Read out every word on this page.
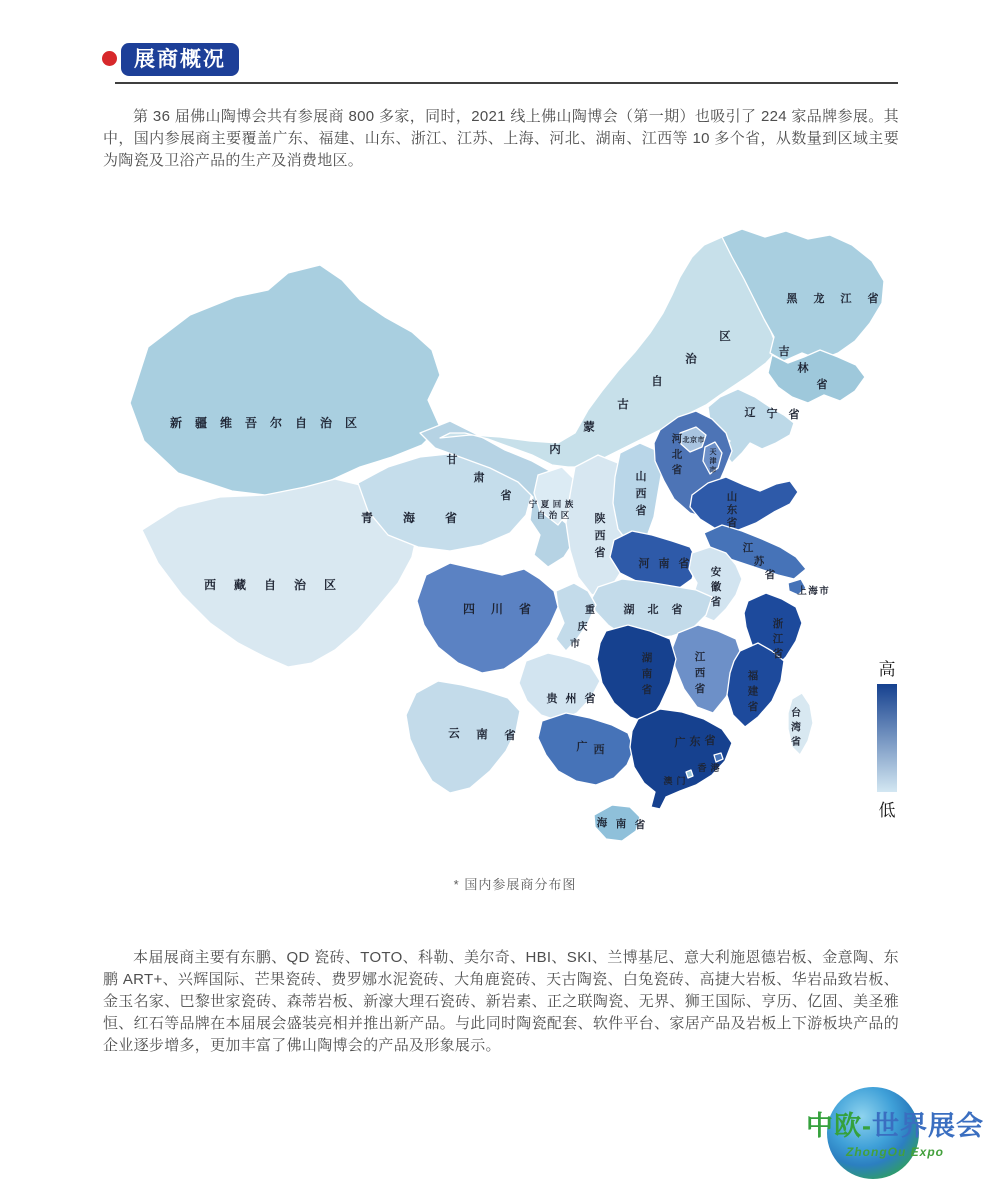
展商概况
第 36 届佛山陶博会共有参展商 800 多家，同时，2021 线上佛山陶博会（第一期）也吸引了 224 家品牌参展。其中，国内参展商主要覆盖广东、福建、山东、浙江、江苏、上海、河北、湖南、江西等 10 多个省，从数量到区域主要为陶瓷及卫浴产品的生产及消费地区。
新 疆 维 吾 尔 自 治 区
西 藏 自 治 区
青 海 省
甘
肃
省
内
蒙
古
自
治
区
黑 龙 江 省
吉
林
省
辽 宁 省
宁 夏 回 族
陕
西
省
山
西
省
河
北
省
北 京 市
天
津
市
山
东
省
河 南 省
江
苏
省
安
徽
省
上 海 市
湖 北 省
重
庆
市
四 川 省
贵 州 省
云 南 省
浙
江
省
江
西
省
湖
南
省
福
建
省
台
湾
省
广 西
广 东 省
香 港
澳 门
海 南 省
自 治 区
高
低
* 国内参展商分布图
本届展商主要有东鹏、QD 瓷砖、TOTO、科勒、美尔奇、HBI、SKI、兰博基尼、意大利施恩德岩板、金意陶、东鹏 ART+、兴辉国际、芒果瓷砖、费罗娜水泥瓷砖、大角鹿瓷砖、天古陶瓷、白兔瓷砖、高捷大岩板、华岩品致岩板、金玉名家、巴黎世家瓷砖、森蒂岩板、新濠大理石瓷砖、新岩素、正之联陶瓷、无界、狮王国际、亨历、亿固、美圣雅恒、红石等品牌在本届展会盛装亮相并推出新产品。与此同时陶瓷配套、软件平台、家居产品及岩板上下游板块产品的企业逐步增多，更加丰富了佛山陶博会的产品及形象展示。
中欧-世界展会
ZhongOu Expo
